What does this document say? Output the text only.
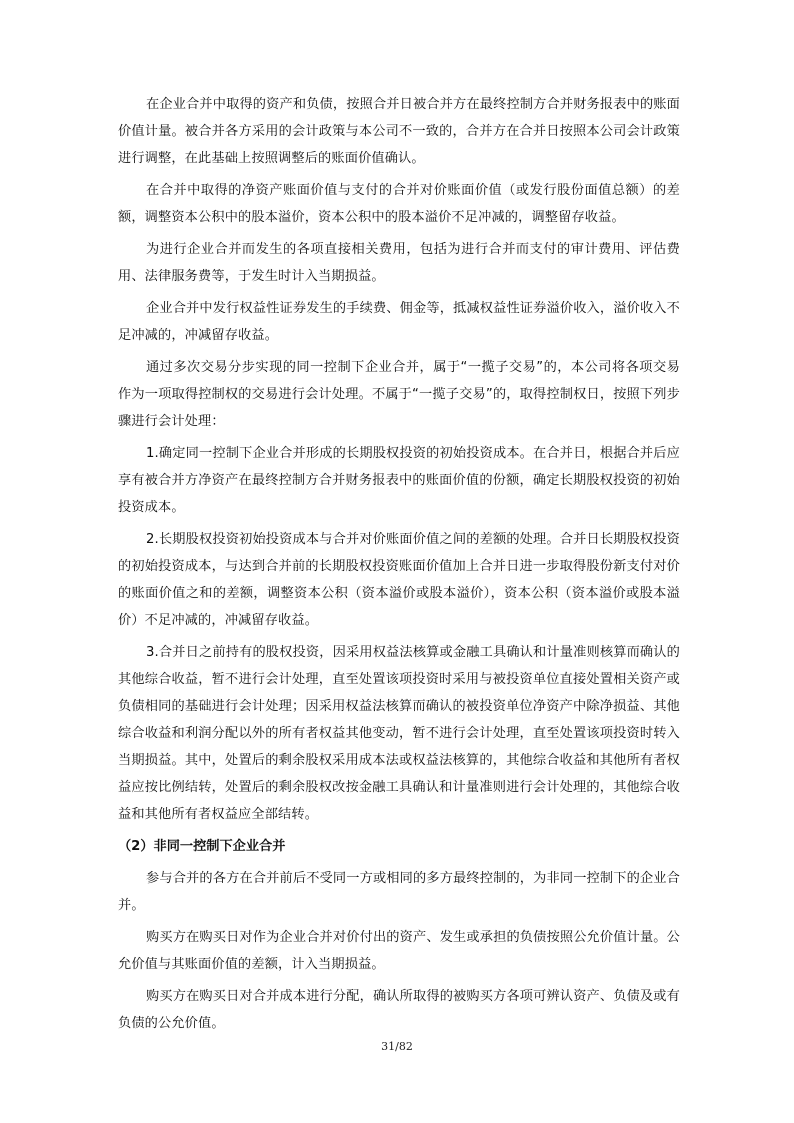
在企业合并中取得的资产和负债，按照合并日被合并方在最终控制方合并财务报表中的账面价值计量。被合并各方采用的会计政策与本公司不一致的，合并方在合并日按照本公司会计政策进行调整，在此基础上按照调整后的账面价值确认。

在合并中取得的净资产账面价值与支付的合并对价账面价值（或发行股份面值总额）的差额，调整资本公积中的股本溢价，资本公积中的股本溢价不足冲减的，调整留存收益。

为进行企业合并而发生的各项直接相关费用，包括为进行合并而支付的审计费用、评估费用、法律服务费等，于发生时计入当期损益。

企业合并中发行权益性证券发生的手续费、佣金等，抵减权益性证券溢价收入，溢价收入不足冲减的，冲减留存收益。

通过多次交易分步实现的同一控制下企业合并，属于“一揽子交易”的，本公司将各项交易作为一项取得控制权的交易进行会计处理。不属于“一揽子交易”的，取得控制权日，按照下列步骤进行会计处理：

1.确定同一控制下企业合并形成的长期股权投资的初始投资成本。在合并日，根据合并后应享有被合并方净资产在最终控制方合并财务报表中的账面价值的份额，确定长期股权投资的初始投资成本。

2.长期股权投资初始投资成本与合并对价账面价值之间的差额的处理。合并日长期股权投资的初始投资成本，与达到合并前的长期股权投资账面价值加上合并日进一步取得股份新支付对价的账面价值之和的差额，调整资本公积（资本溢价或股本溢价），资本公积（资本溢价或股本溢价）不足冲减的，冲减留存收益。

3.合并日之前持有的股权投资，因采用权益法核算或金融工具确认和计量准则核算而确认的其他综合收益，暂不进行会计处理，直至处置该项投资时采用与被投资单位直接处置相关资产或负债相同的基础进行会计处理；因采用权益法核算而确认的被投资单位净资产中除净损益、其他综合收益和利润分配以外的所有者权益其他变动，暂不进行会计处理，直至处置该项投资时转入当期损益。其中，处置后的剩余股权采用成本法或权益法核算的，其他综合收益和其他所有者权益应按比例结转，处置后的剩余股权改按金融工具确认和计量准则进行会计处理的，其他综合收益和其他所有者权益应全部结转。

（2）非同一控制下企业合并

参与合并的各方在合并前后不受同一方或相同的多方最终控制的，为非同一控制下的企业合并。

购买方在购买日对作为企业合并对价付出的资产、发生或承担的负债按照公允价值计量。公允价值与其账面价值的差额，计入当期损益。

购买方在购买日对合并成本进行分配，确认所取得的被购买方各项可辨认资产、负债及或有负债的公允价值。

31/82
